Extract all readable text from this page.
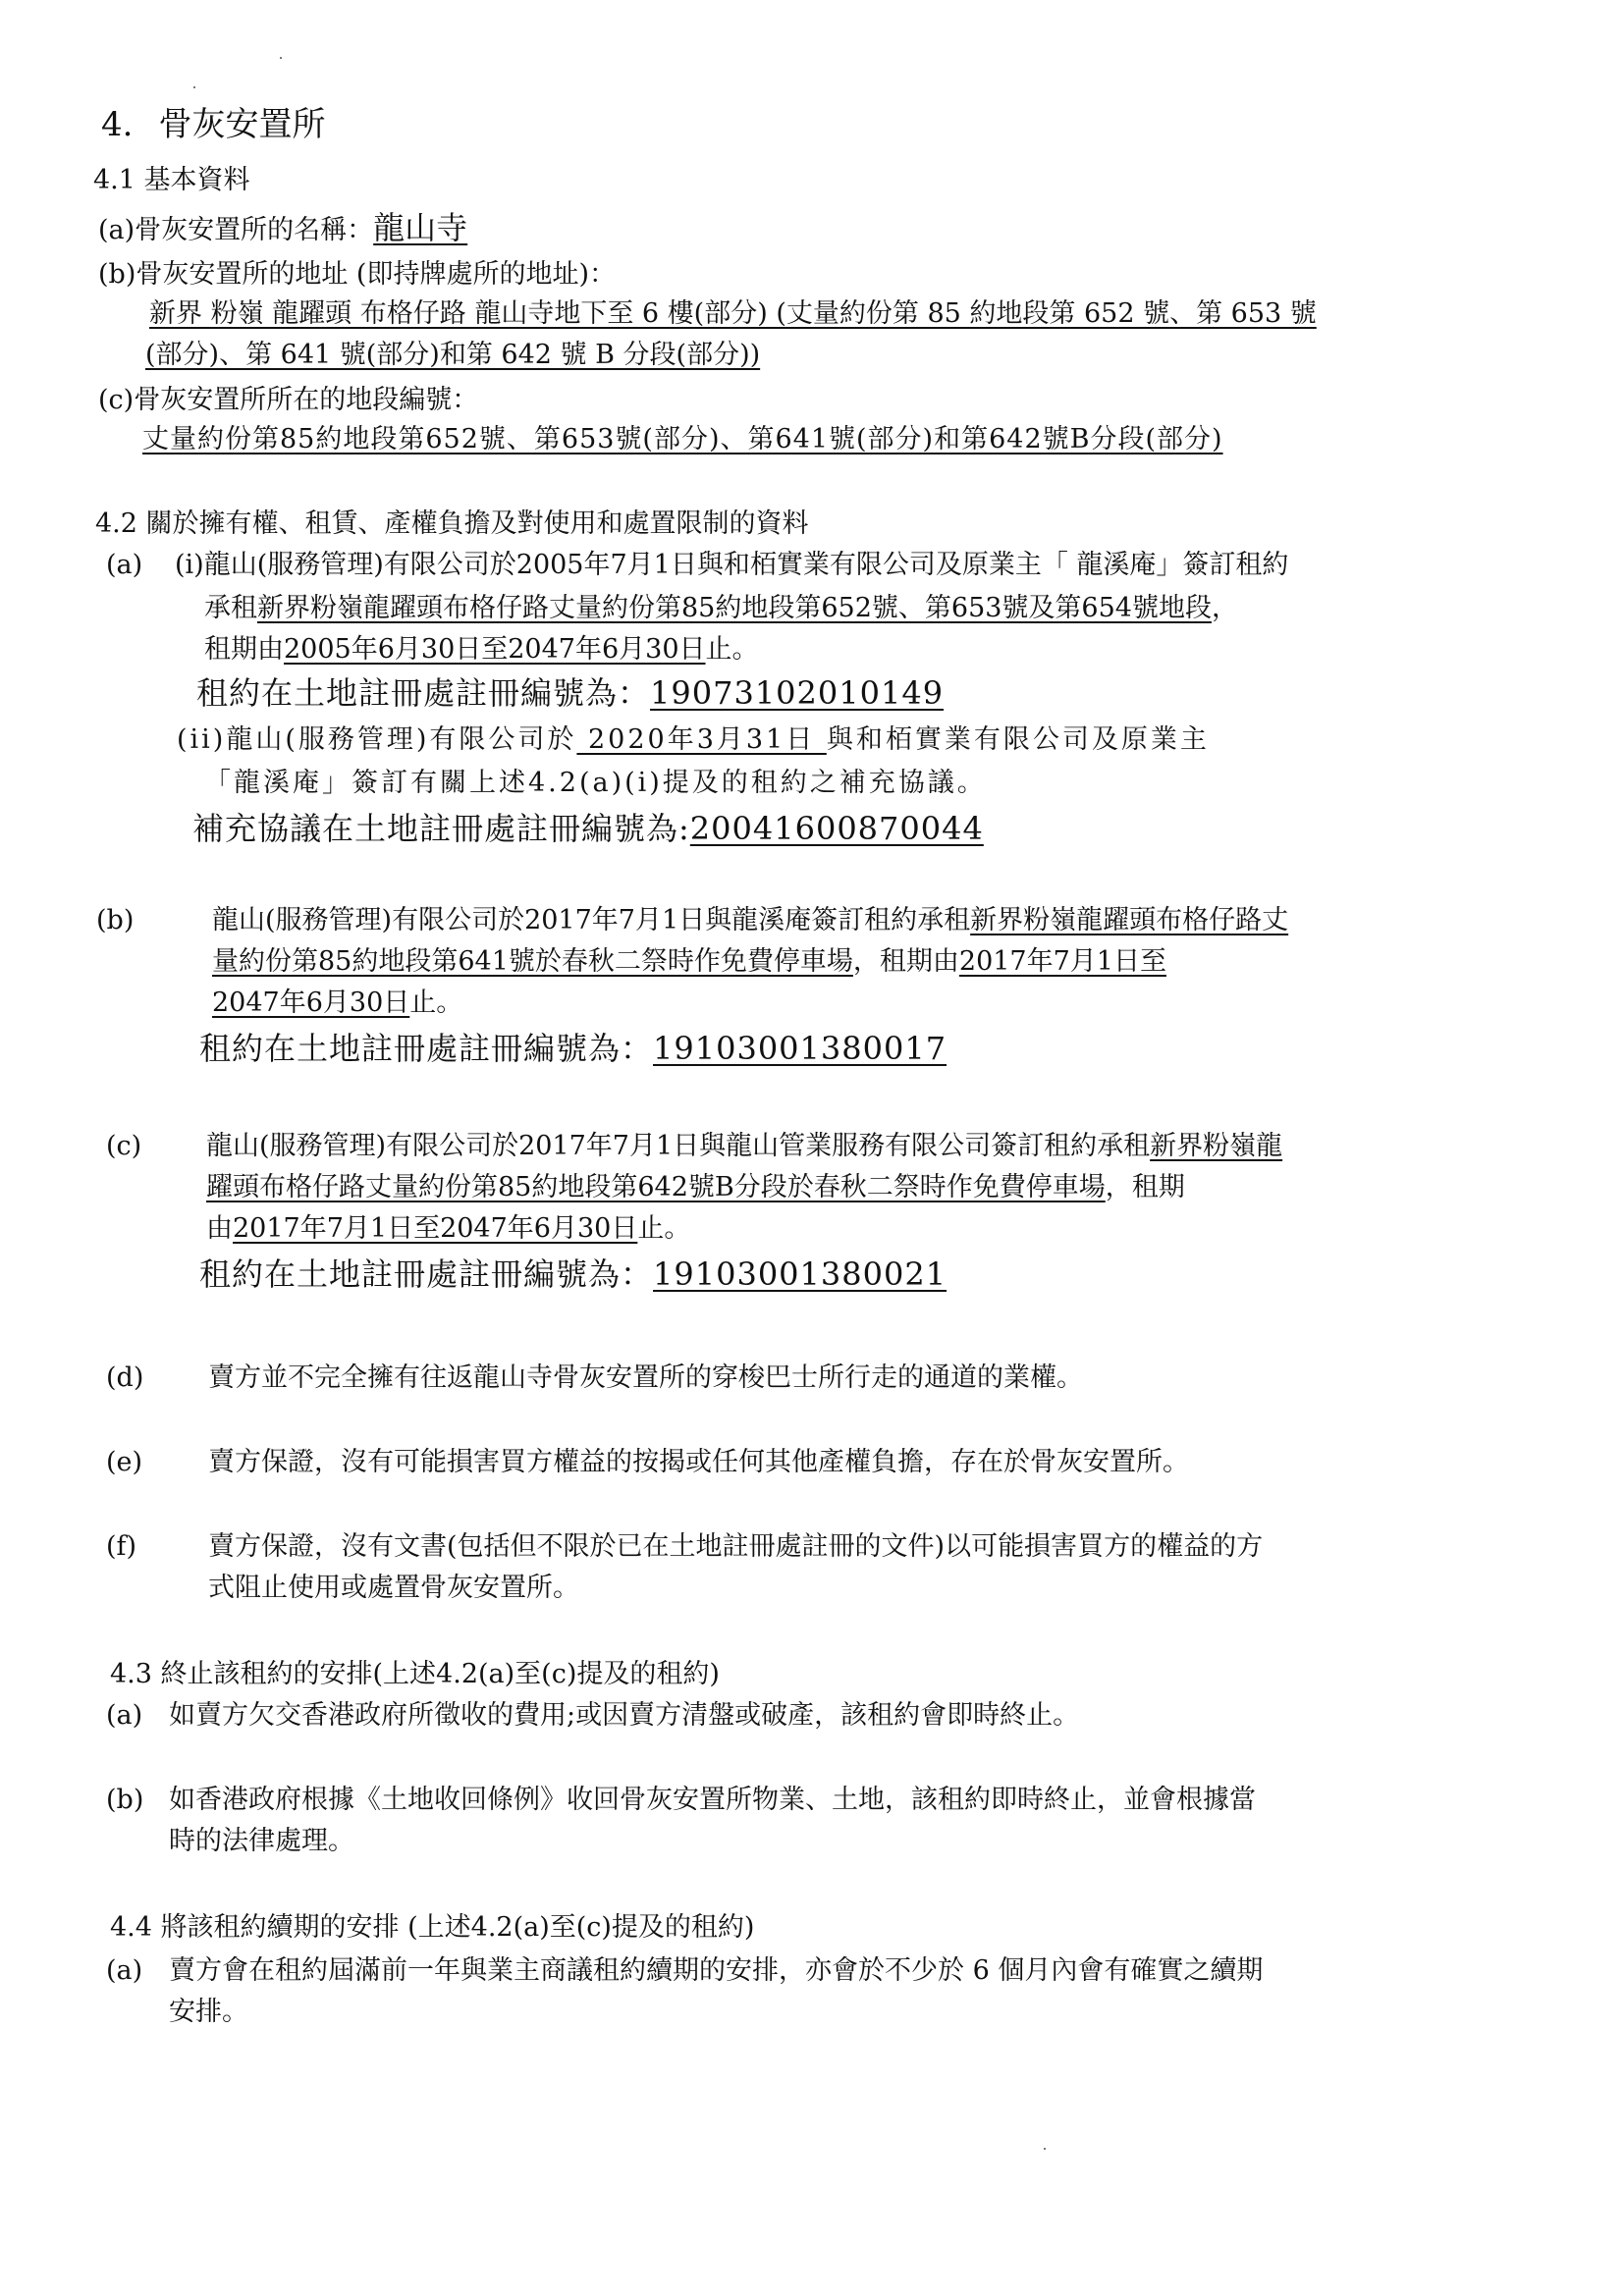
4. 骨灰安置所
4.1 基本資料
(a)骨灰安置所的名稱：龍山寺
(b)骨灰安置所的地址 (即持牌處所的地址)：
新界 粉嶺 龍躍頭 布格仔路 龍山寺地下至 6 樓(部分) (丈量約份第 85 約地段第 652 號、第 653 號
(部分)、第 641 號(部分)和第 642 號 B 分段(部分))
(c)骨灰安置所所在的地段編號：
丈量約份第85約地段第652號、第653號(部分)、第641號(部分)和第642號B分段(部分)
4.2 關於擁有權、租賃、產權負擔及對使用和處置限制的資料
(a) (i)龍山(服務管理)有限公司於2005年7月1日與和栢實業有限公司及原業主「 龍溪庵」簽訂租約
承租新界粉嶺龍躍頭布格仔路丈量約份第85約地段第652號、第653號及第654號地段，
租期由2005年6月30日至2047年6月30日止。
租約在土地註冊處註冊編號為：19073102010149
(ii)龍山(服務管理)有限公司於 2020年3月31日 與和栢實業有限公司及原業主
「龍溪庵」簽訂有關上述4.2(a)(i)提及的租約之補充協議。
補充協議在土地註冊處註冊編號為:20041600870044
(b)	龍山(服務管理)有限公司於2017年7月1日與龍溪庵簽訂租約承租新界粉嶺龍躍頭布格仔路丈
量約份第85約地段第641號於春秋二祭時作免費停車場，租期由2017年7月1日至
2047年6月30日止。
租約在土地註冊處註冊編號為：19103001380017
(c) 龍山(服務管理)有限公司於2017年7月1日與龍山管業服務有限公司簽訂租約承租新界粉嶺龍
躍頭布格仔路丈量約份第85約地段第642號B分段於春秋二祭時作免費停車場，租期
由2017年7月1日至2047年6月30日止。
租約在土地註冊處註冊編號為：19103001380021
(d) 賣方並不完全擁有往返龍山寺骨灰安置所的穿梭巴士所行走的通道的業權。
(e) 賣方保證，沒有可能損害買方權益的按揭或任何其他產權負擔，存在於骨灰安置所。
(f)	賣方保證，沒有文書(包括但不限於已在土地註冊處註冊的文件)以可能損害買方的權益的方
式阻止使用或處置骨灰安置所。
4.3 終止該租約的安排(上述4.2(a)至(c)提及的租約)
(a) 如賣方欠交香港政府所徵收的費用;或因賣方清盤或破產，該租約會即時終止。
(b) 如香港政府根據《土地收回條例》收回骨灰安置所物業、土地，該租約即時終止，並會根據當
時的法律處理。
4.4 將該租約續期的安排 (上述4.2(a)至(c)提及的租約)
(a) 賣方會在租約屆滿前一年與業主商議租約續期的安排，亦會於不少於 6 個月內會有確實之續期
安排。
